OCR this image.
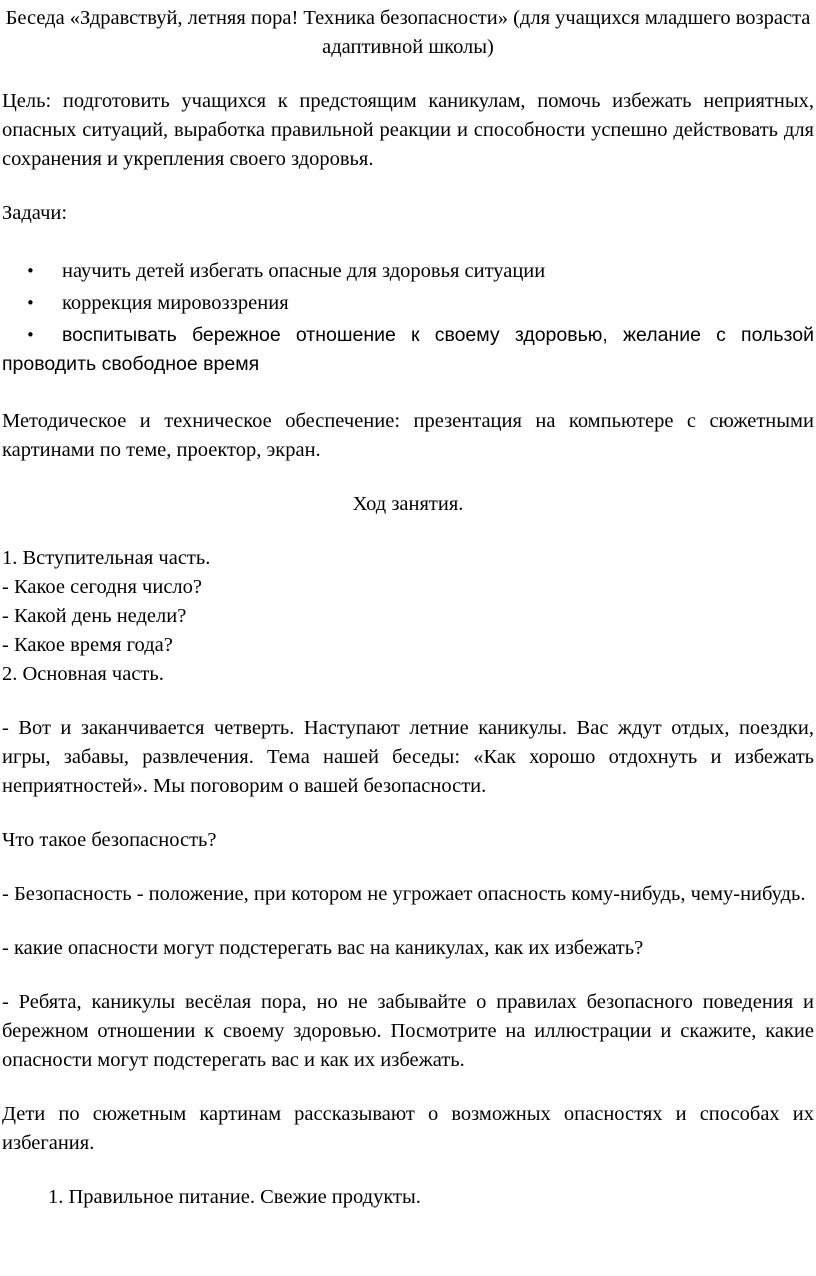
Беседа «Здравствуй, летняя пора! Техника безопасности» (для учащихся младшего возраста адаптивной школы)

Цель: подготовить учащихся к предстоящим каникулам, помочь избежать неприятных, опасных ситуаций, выработка правильной реакции и способности успешно действовать для сохранения и укрепления своего здоровья.

Задачи:

• научить детей избегать опасные для здоровья ситуации
• коррекция мировоззрения
• воспитывать бережное отношение к своему здоровью, желание с пользой проводить свободное время

Методическое и техническое обеспечение: презентация на компьютере с сюжетными картинами по теме, проектор, экран.

Ход занятия.

1. Вступительная часть.

- Какое сегодня число?

- Какой день недели?

- Какое время года?

2. Основная часть.

- Вот и заканчивается четверть. Наступают летние каникулы. Вас ждут отдых, поездки, игры, забавы, развлечения. Тема нашей беседы: «Как хорошо отдохнуть и избежать неприятностей». Мы поговорим о вашей безопасности.

Что такое безопасность?

- Безопасность - положение, при котором не угрожает опасность кому-нибудь, чему-нибудь.

- какие опасности могут подстерегать вас на каникулах, как их избежать?

- Ребята, каникулы весёлая пора, но не забывайте о правилах безопасного поведения и бережном отношении к своему здоровью. Посмотрите на иллюстрации и скажите, какие опасности могут подстерегать вас и как их избежать.

Дети по сюжетным картинам рассказывают о возможных опасностях и способах их избегания.

1. Правильное питание. Свежие продукты.
